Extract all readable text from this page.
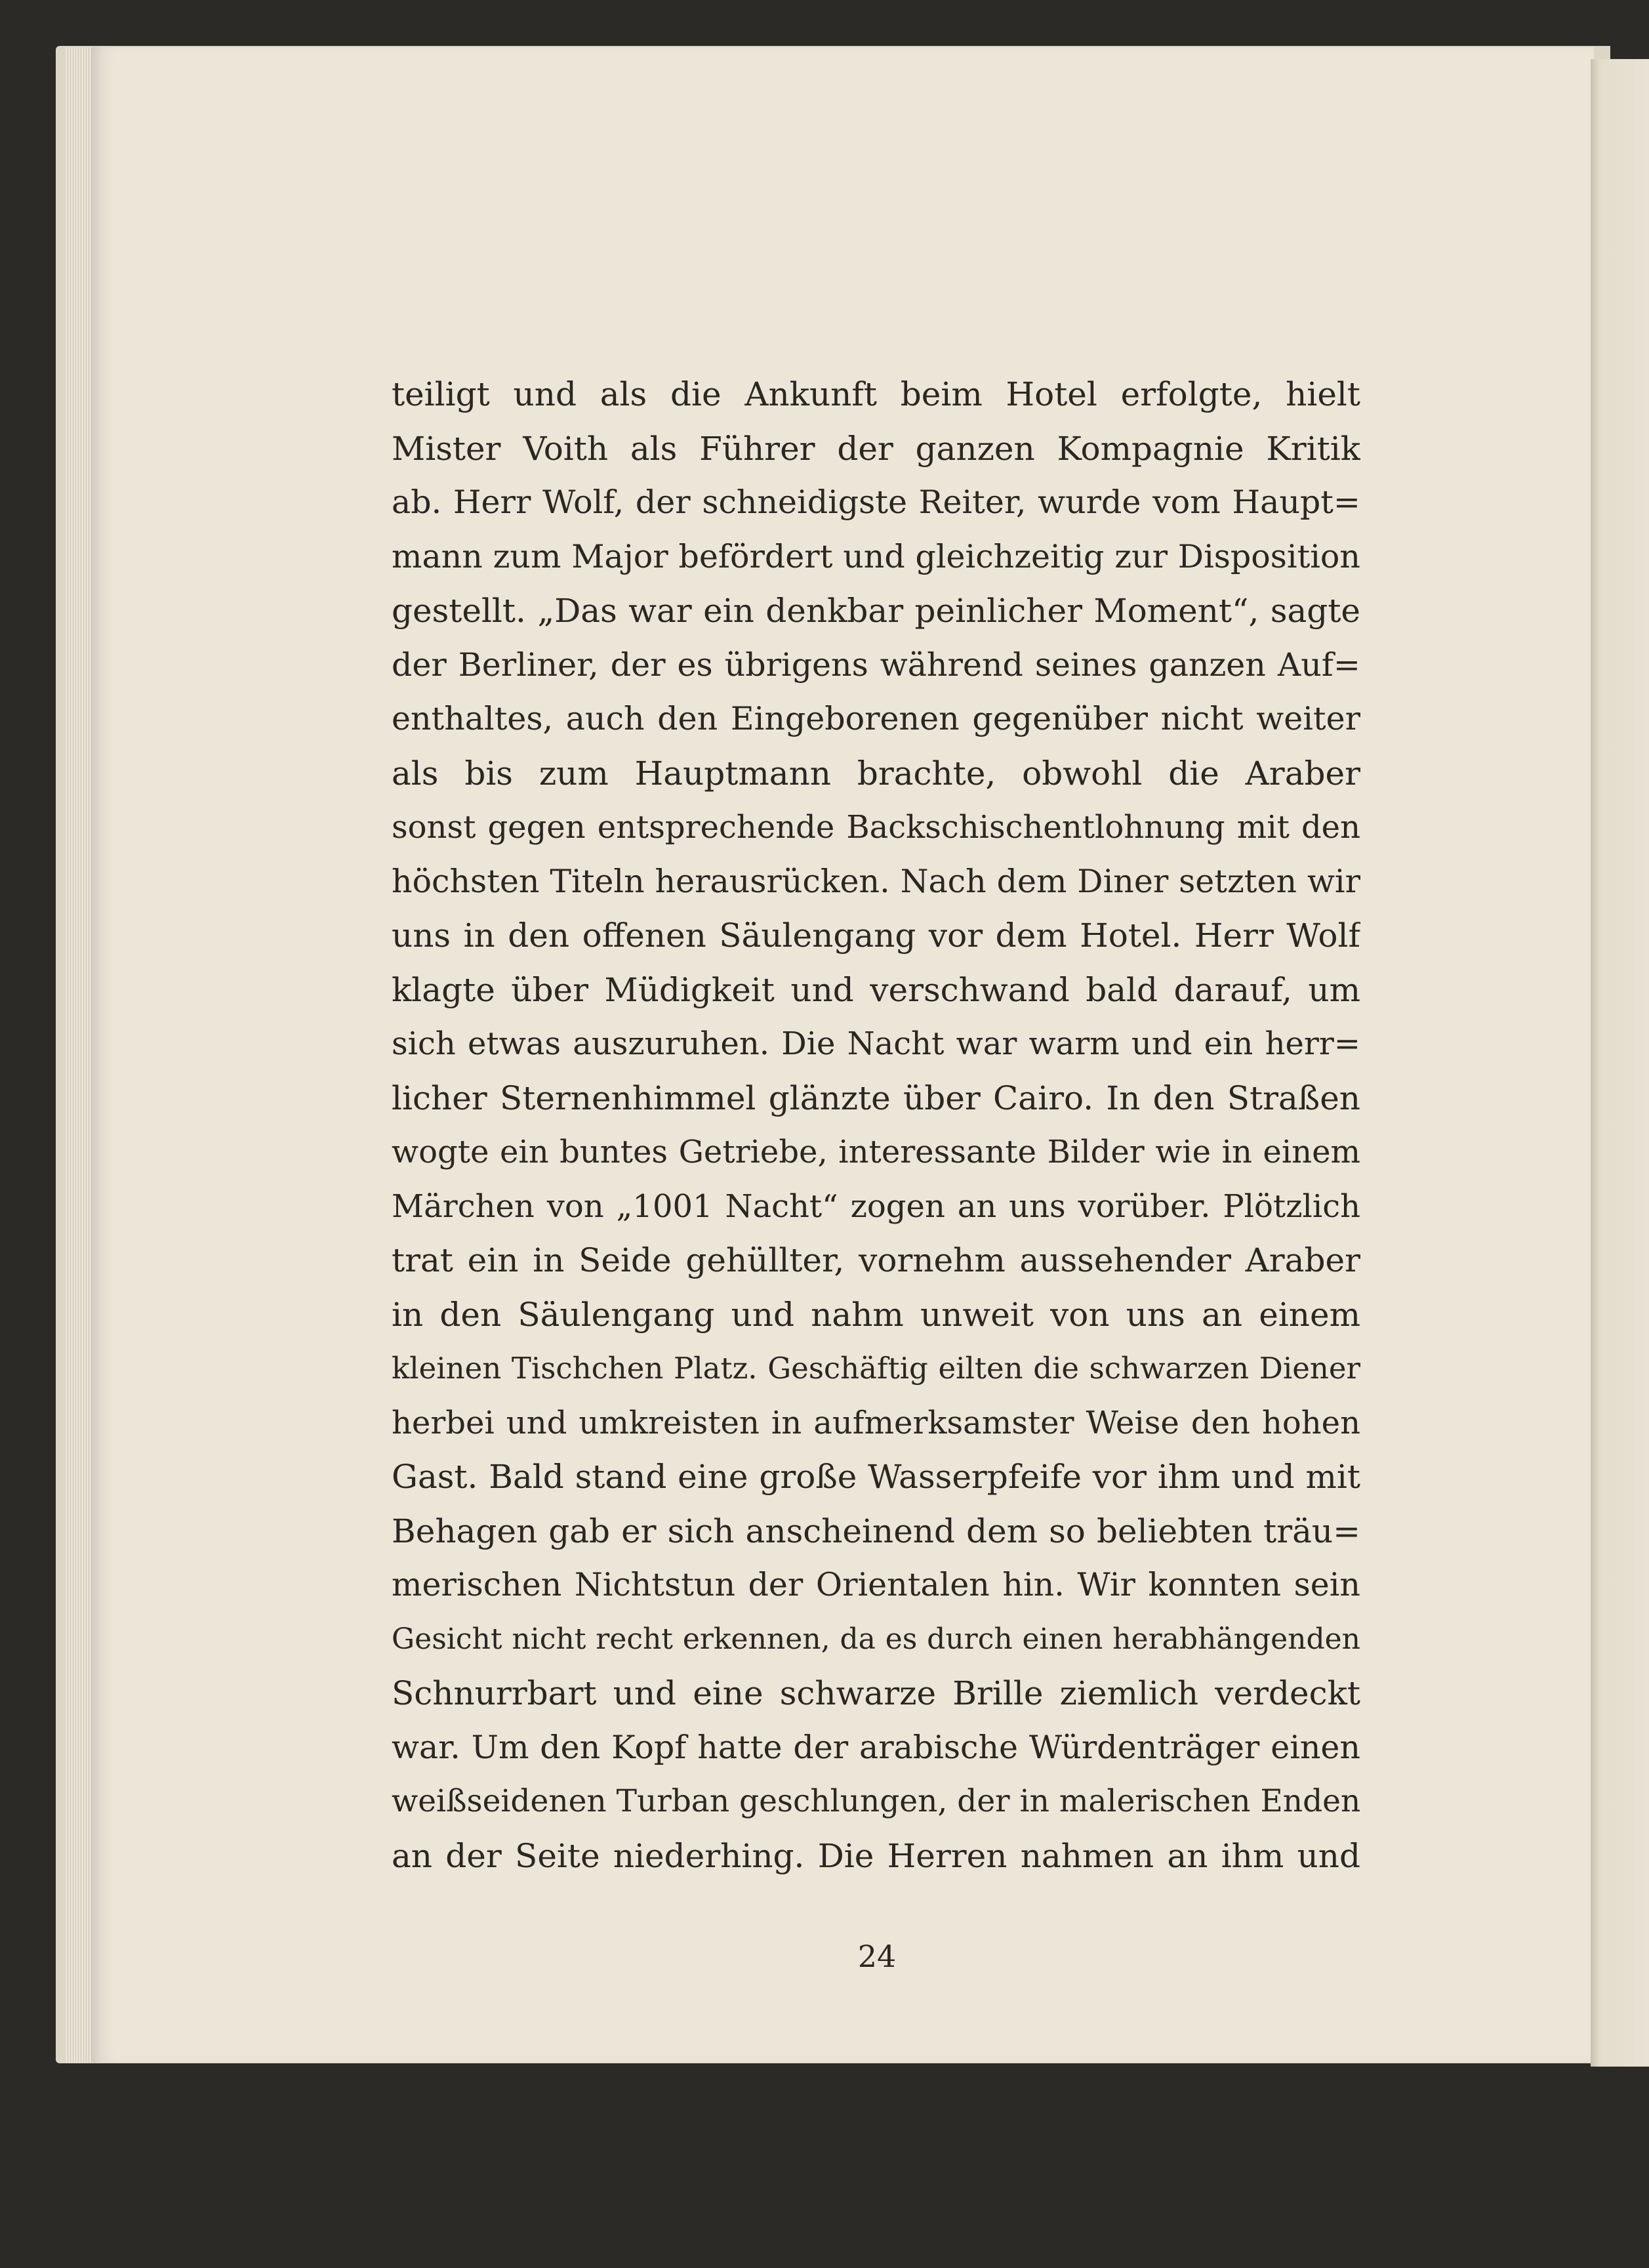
teiligt und als die Ankunft beim Hotel erfolgte, hielt
Mister Voith als Führer der ganzen Kompagnie Kritik
ab. Herr Wolf, der schneidigste Reiter, wurde vom Haupt=
mann zum Major befördert und gleichzeitig zur Disposition
gestellt. „Das war ein denkbar peinlicher Moment“, sagte
der Berliner, der es übrigens während seines ganzen Auf=
enthaltes, auch den Eingeborenen gegenüber nicht weiter
als bis zum Hauptmann brachte, obwohl die Araber
sonst gegen entsprechende Backschischentlohnung mit den
höchsten Titeln herausrücken. Nach dem Diner setzten wir
uns in den offenen Säulengang vor dem Hotel. Herr Wolf
klagte über Müdigkeit und verschwand bald darauf, um
sich etwas auszuruhen. Die Nacht war warm und ein herr=
licher Sternenhimmel glänzte über Cairo. In den Straßen
wogte ein buntes Getriebe, interessante Bilder wie in einem
Märchen von „1001 Nacht“ zogen an uns vorüber. Plötzlich
trat ein in Seide gehüllter, vornehm aussehender Araber
in den Säulengang und nahm unweit von uns an einem
kleinen Tischchen Platz. Geschäftig eilten die schwarzen Diener
herbei und umkreisten in aufmerksamster Weise den hohen
Gast. Bald stand eine große Wasserpfeife vor ihm und mit
Behagen gab er sich anscheinend dem so beliebten träu=
merischen Nichtstun der Orientalen hin. Wir konnten sein
Gesicht nicht recht erkennen, da es durch einen herabhängenden
Schnurrbart und eine schwarze Brille ziemlich verdeckt
war. Um den Kopf hatte der arabische Würdenträger einen
weißseidenen Turban geschlungen, der in malerischen Enden
an der Seite niederhing. Die Herren nahmen an ihm und
24
